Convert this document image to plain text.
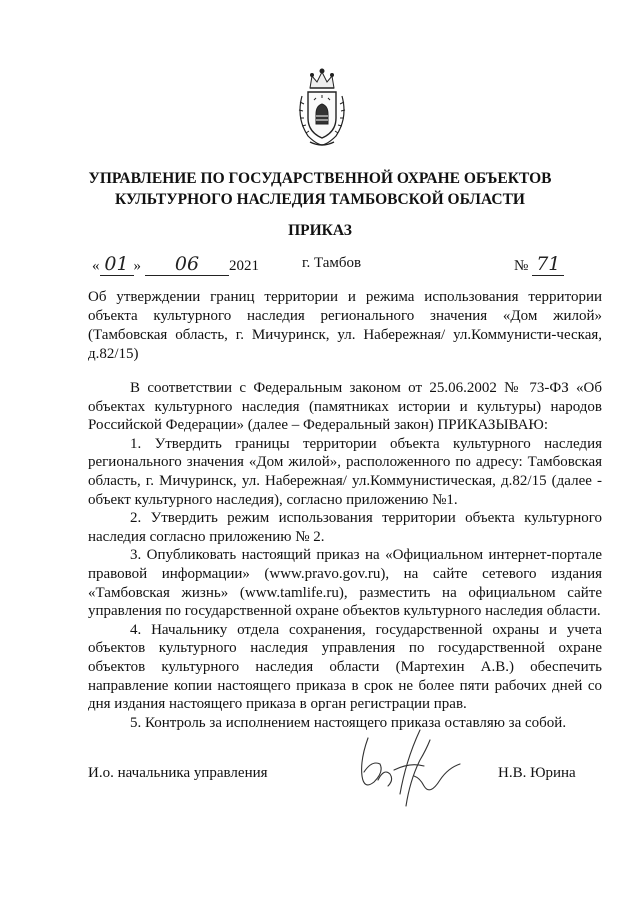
УПРАВЛЕНИЕ ПО ГОСУДАРСТВЕННОЙ ОХРАНЕ ОБЪЕКТОВ
КУЛЬТУРНОГО НАСЛЕДИЯ ТАМБОВСКОЙ ОБЛАСТИ
ПРИКАЗ
« 01 » 06 2021	г. Тамбов	№ 71

Об утверждении границ территории и режима использования территории объекта культурного наследия регионального значения «Дом жилой» (Тамбовская область, г. Мичуринск, ул. Набережная/ ул.Коммунисти-ческая, д.82/15)

В соответствии с Федеральным законом от 25.06.2002 № 73-ФЗ «Об объектах культурного наследия (памятниках истории и культуры) народов Российской Федерации» (далее – Федеральный закон) ПРИКАЗЫВАЮ:

1. Утвердить границы территории объекта культурного наследия регионального значения «Дом жилой», расположенного по адресу: Тамбовская область, г. Мичуринск, ул. Набережная/ ул.Коммунистическая, д.82/15 (далее - объект культурного наследия), согласно приложению №1.

2. Утвердить режим использования территории объекта культурного наследия согласно приложению № 2.

3. Опубликовать настоящий приказ на «Официальном интернет-портале правовой информации» (www.pravo.gov.ru), на сайте сетевого издания «Тамбовская жизнь» (www.tamlife.ru), разместить на официальном сайте управления по государственной охране объектов культурного наследия области.

4. Начальнику отдела сохранения, государственной охраны и учета объектов культурного наследия управления по государственной охране объектов культурного наследия области (Мартехин А.В.) обеспечить направление копии настоящего приказа в срок не более пяти рабочих дней со дня издания настоящего приказа в орган регистрации прав.

5. Контроль за исполнением настоящего приказа оставляю за собой.

И.о. начальника управления	Н.В. Юрина
